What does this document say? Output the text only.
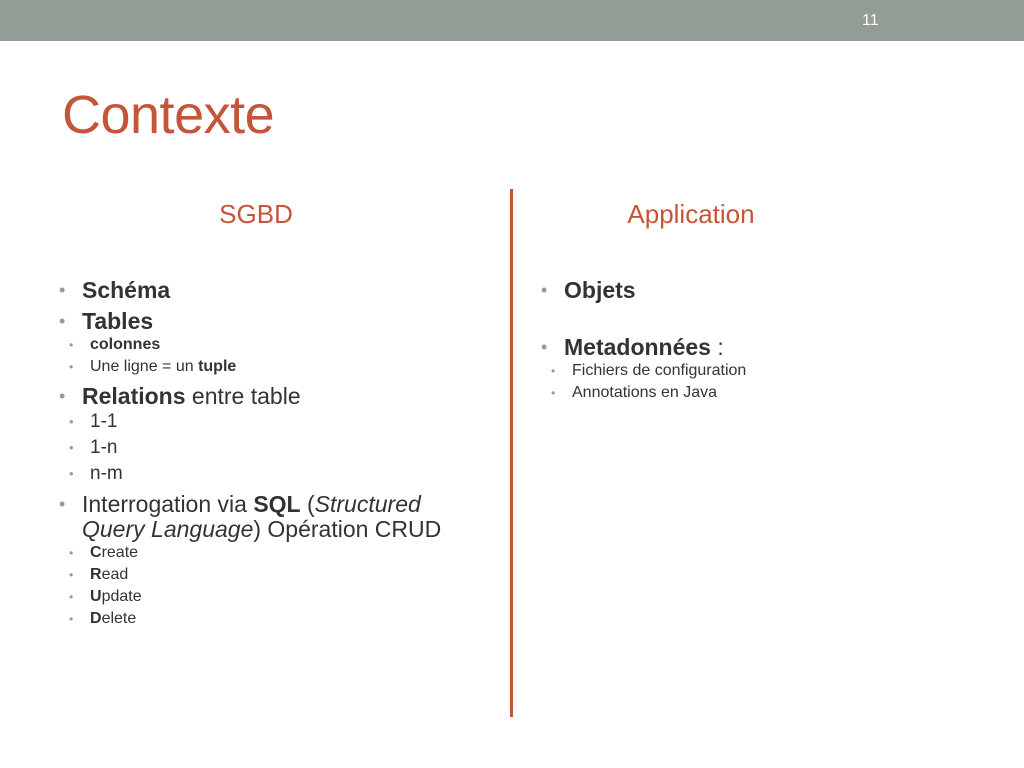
11
Contexte
SGBD	Application
• Schéma
• Tables
• colonnes
• Une ligne = un tuple
• Relations entre table
• 1-1
• 1-n
• n-m
• Interrogation via SQL (Structured Query Language) Opération CRUD
• Create
• Read
• Update
• Delete
• Objets
• Metadonnées :
• Fichiers de configuration
• Annotations en Java
